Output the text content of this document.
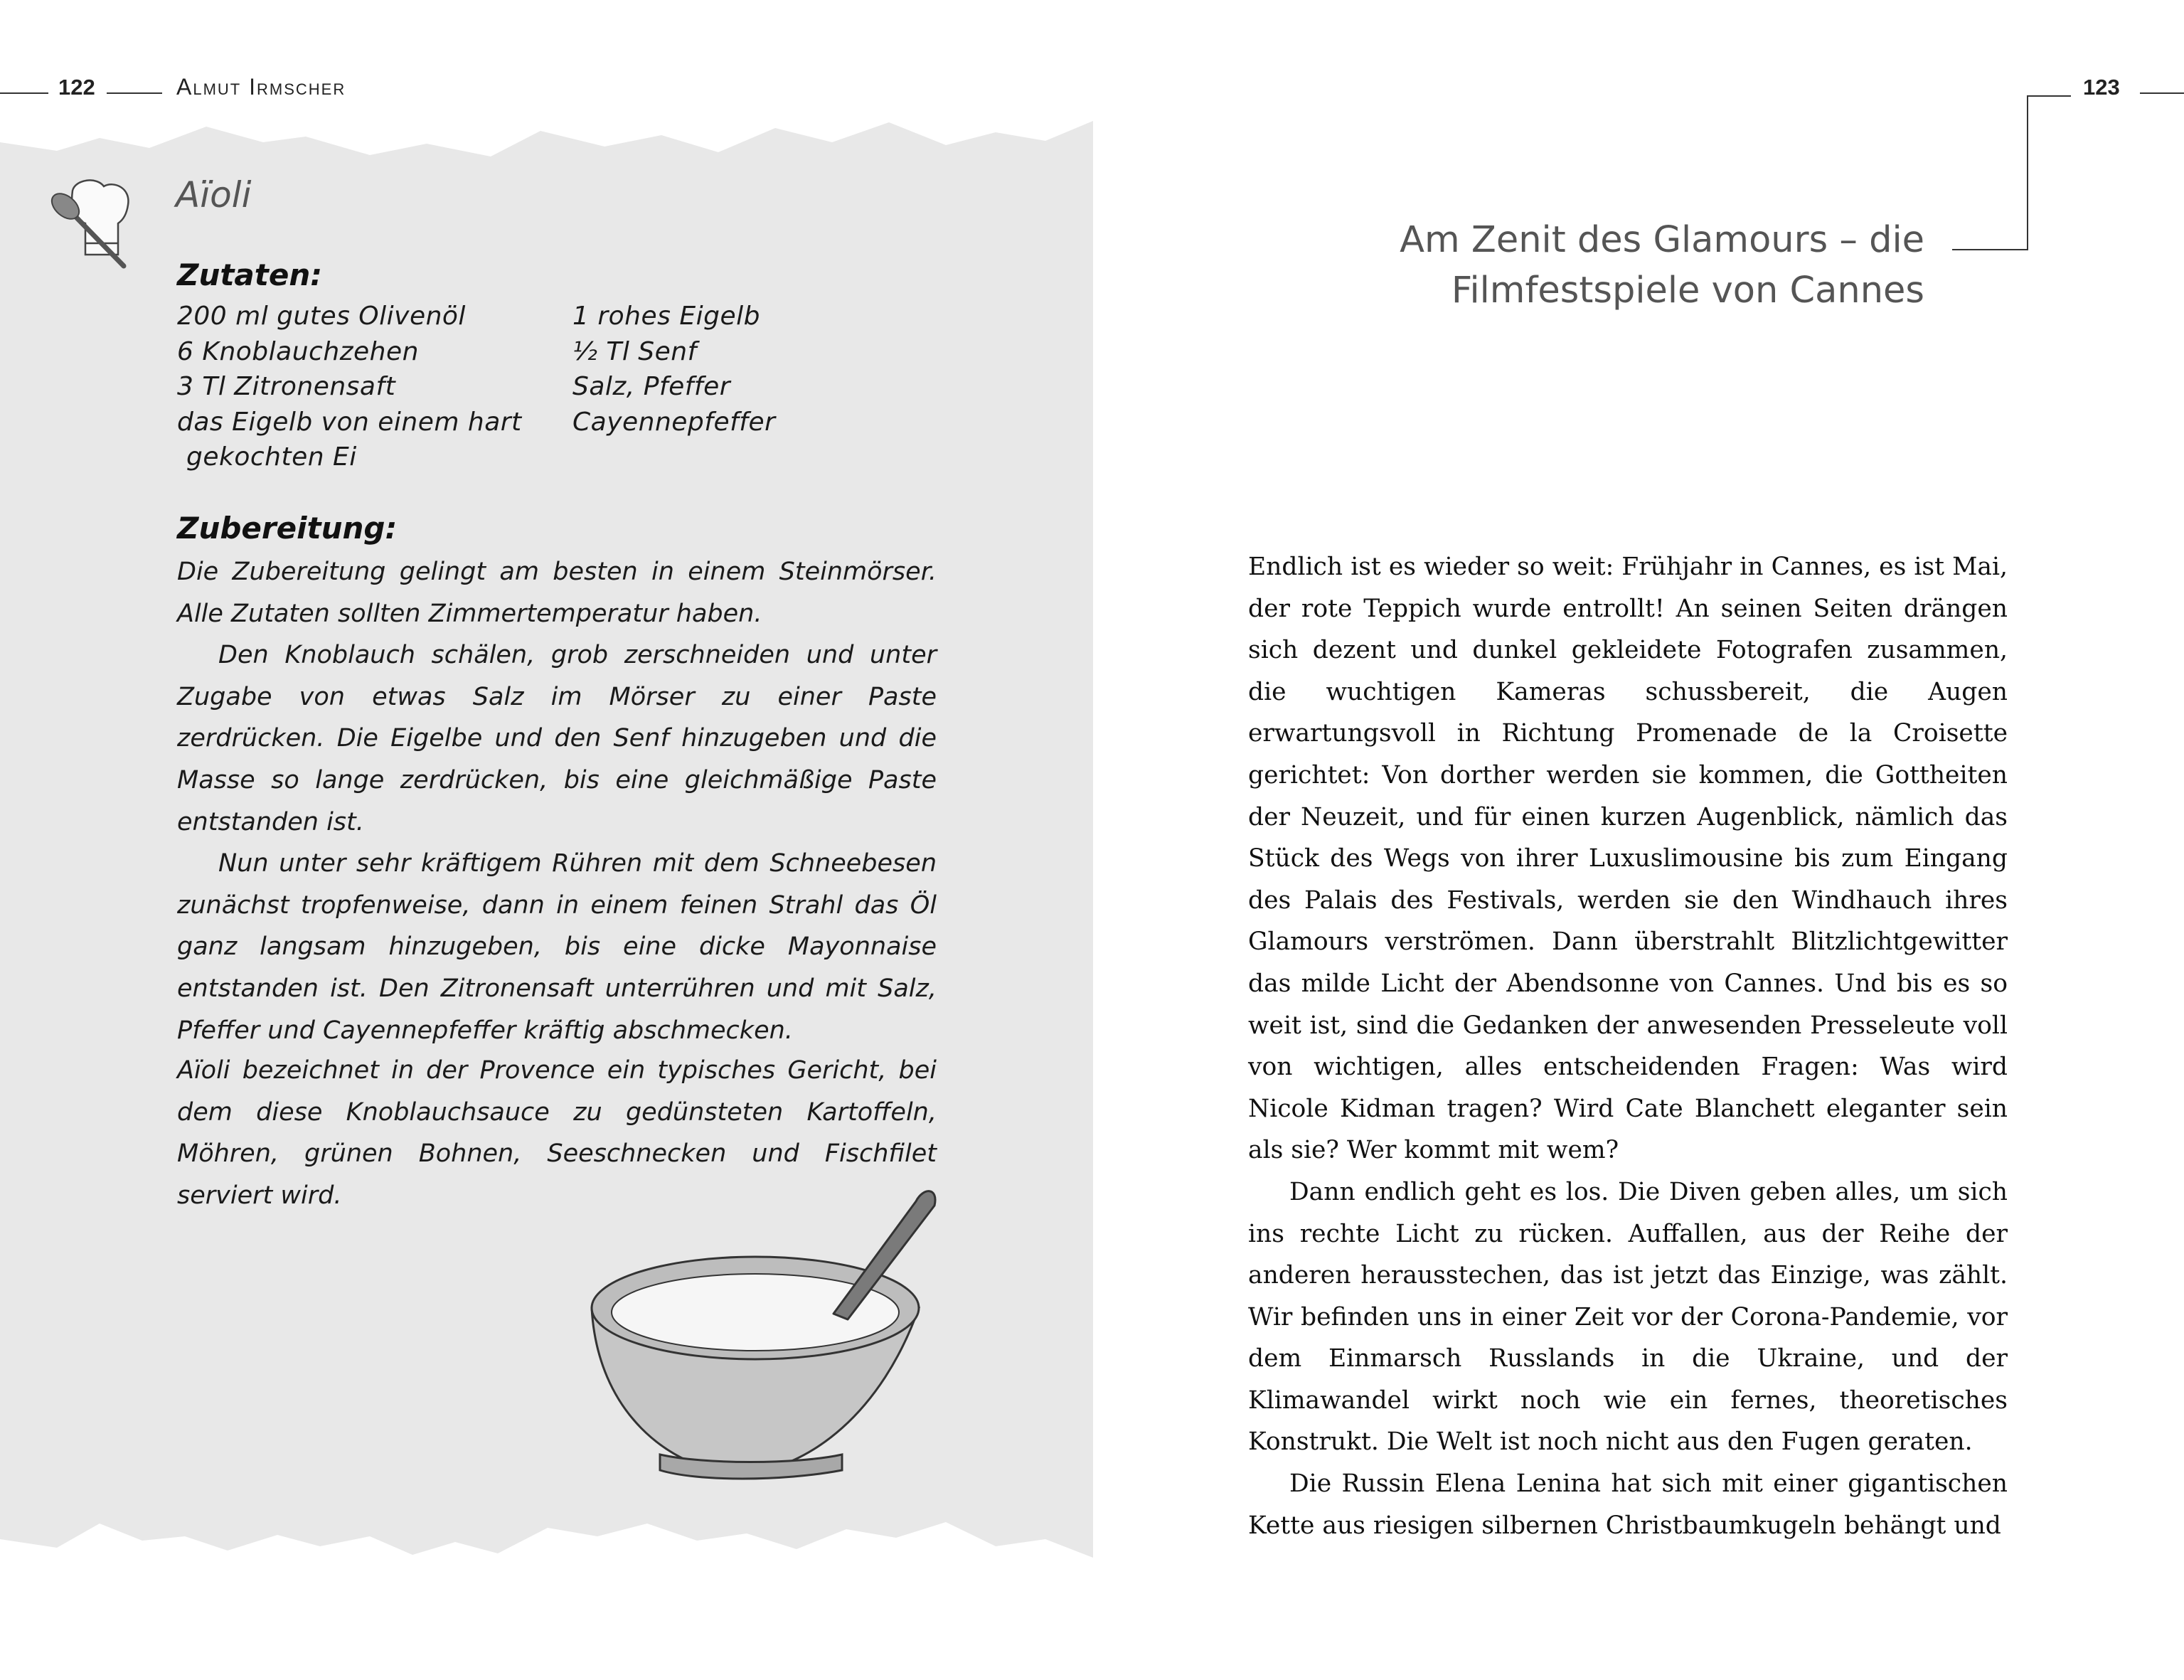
122	Almut Irmscher
Aïoli
Zutaten:
200 ml gutes Olivenöl
6 Knoblauchzehen
3 Tl Zitronensaft
das Eigelb von einem hart
gekochten Ei
1 rohes Eigelb
½ Tl Senf
Salz, Pfeffer
Cayennepfeffer
Zubereitung:

Die Zubereitung gelingt am besten in einem Steinmörser. Alle Zutaten sollten Zimmertemperatur haben.

Den Knoblauch schälen, grob zerschneiden und unter Zugabe von etwas Salz im Mörser zu einer Paste zerdrücken. Die Eigelbe und den Senf hinzugeben und die Masse so lange zerdrücken, bis eine gleichmäßige Paste entstanden ist.

Nun unter sehr kräftigem Rühren mit dem Schneebesen zunächst tropfenweise, dann in einem feinen Strahl das Öl ganz langsam hinzugeben, bis eine dicke Mayonnaise entstanden ist. Den Zitronensaft unterrühren und mit Salz, Pfeffer und Cayennepfeffer kräftig abschmecken.

Aïoli bezeichnet in der Provence ein typisches Gericht, bei dem diese Knoblauchsauce zu gedünsteten Kartoffeln, Möhren, grünen Bohnen, Seeschnecken und Fischfilet serviert wird.
123
Am Zenit des Glamours – die
Filmfestspiele von Cannes

Endlich ist es wieder so weit: Frühjahr in Cannes, es ist Mai, der rote Teppich wurde entrollt! An seinen Seiten drängen sich dezent und dunkel gekleidete Fotografen zusammen, die wuchtigen Kameras schussbereit, die Augen erwartungsvoll in Richtung Promenade de la Croisette gerichtet: Von dorther werden sie kommen, die Gottheiten der Neuzeit, und für einen kurzen Augenblick, nämlich das Stück des Wegs von ihrer Luxuslimousine bis zum Eingang des Palais des Festivals, werden sie den Windhauch ihres Glamours verströmen. Dann überstrahlt Blitzlichtgewitter das milde Licht der Abendsonne von Cannes. Und bis es so weit ist, sind die Gedanken der anwesenden Presseleute voll von wichtigen, alles entscheidenden Fragen: Was wird Nicole Kidman tragen? Wird Cate Blanchett eleganter sein als sie? Wer kommt mit wem?

Dann endlich geht es los. Die Diven geben alles, um sich ins rechte Licht zu rücken. Auffallen, aus der Reihe der anderen herausstechen, das ist jetzt das Einzige, was zählt. Wir befinden uns in einer Zeit vor der Corona-Pandemie, vor dem Einmarsch Russlands in die Ukraine, und der Klimawandel wirkt noch wie ein fernes, theoretisches Konstrukt. Die Welt ist noch nicht aus den Fugen geraten.

Die Russin Elena Lenina hat sich mit einer gigantischen Kette aus riesigen silbernen Christbaumkugeln behängt und
